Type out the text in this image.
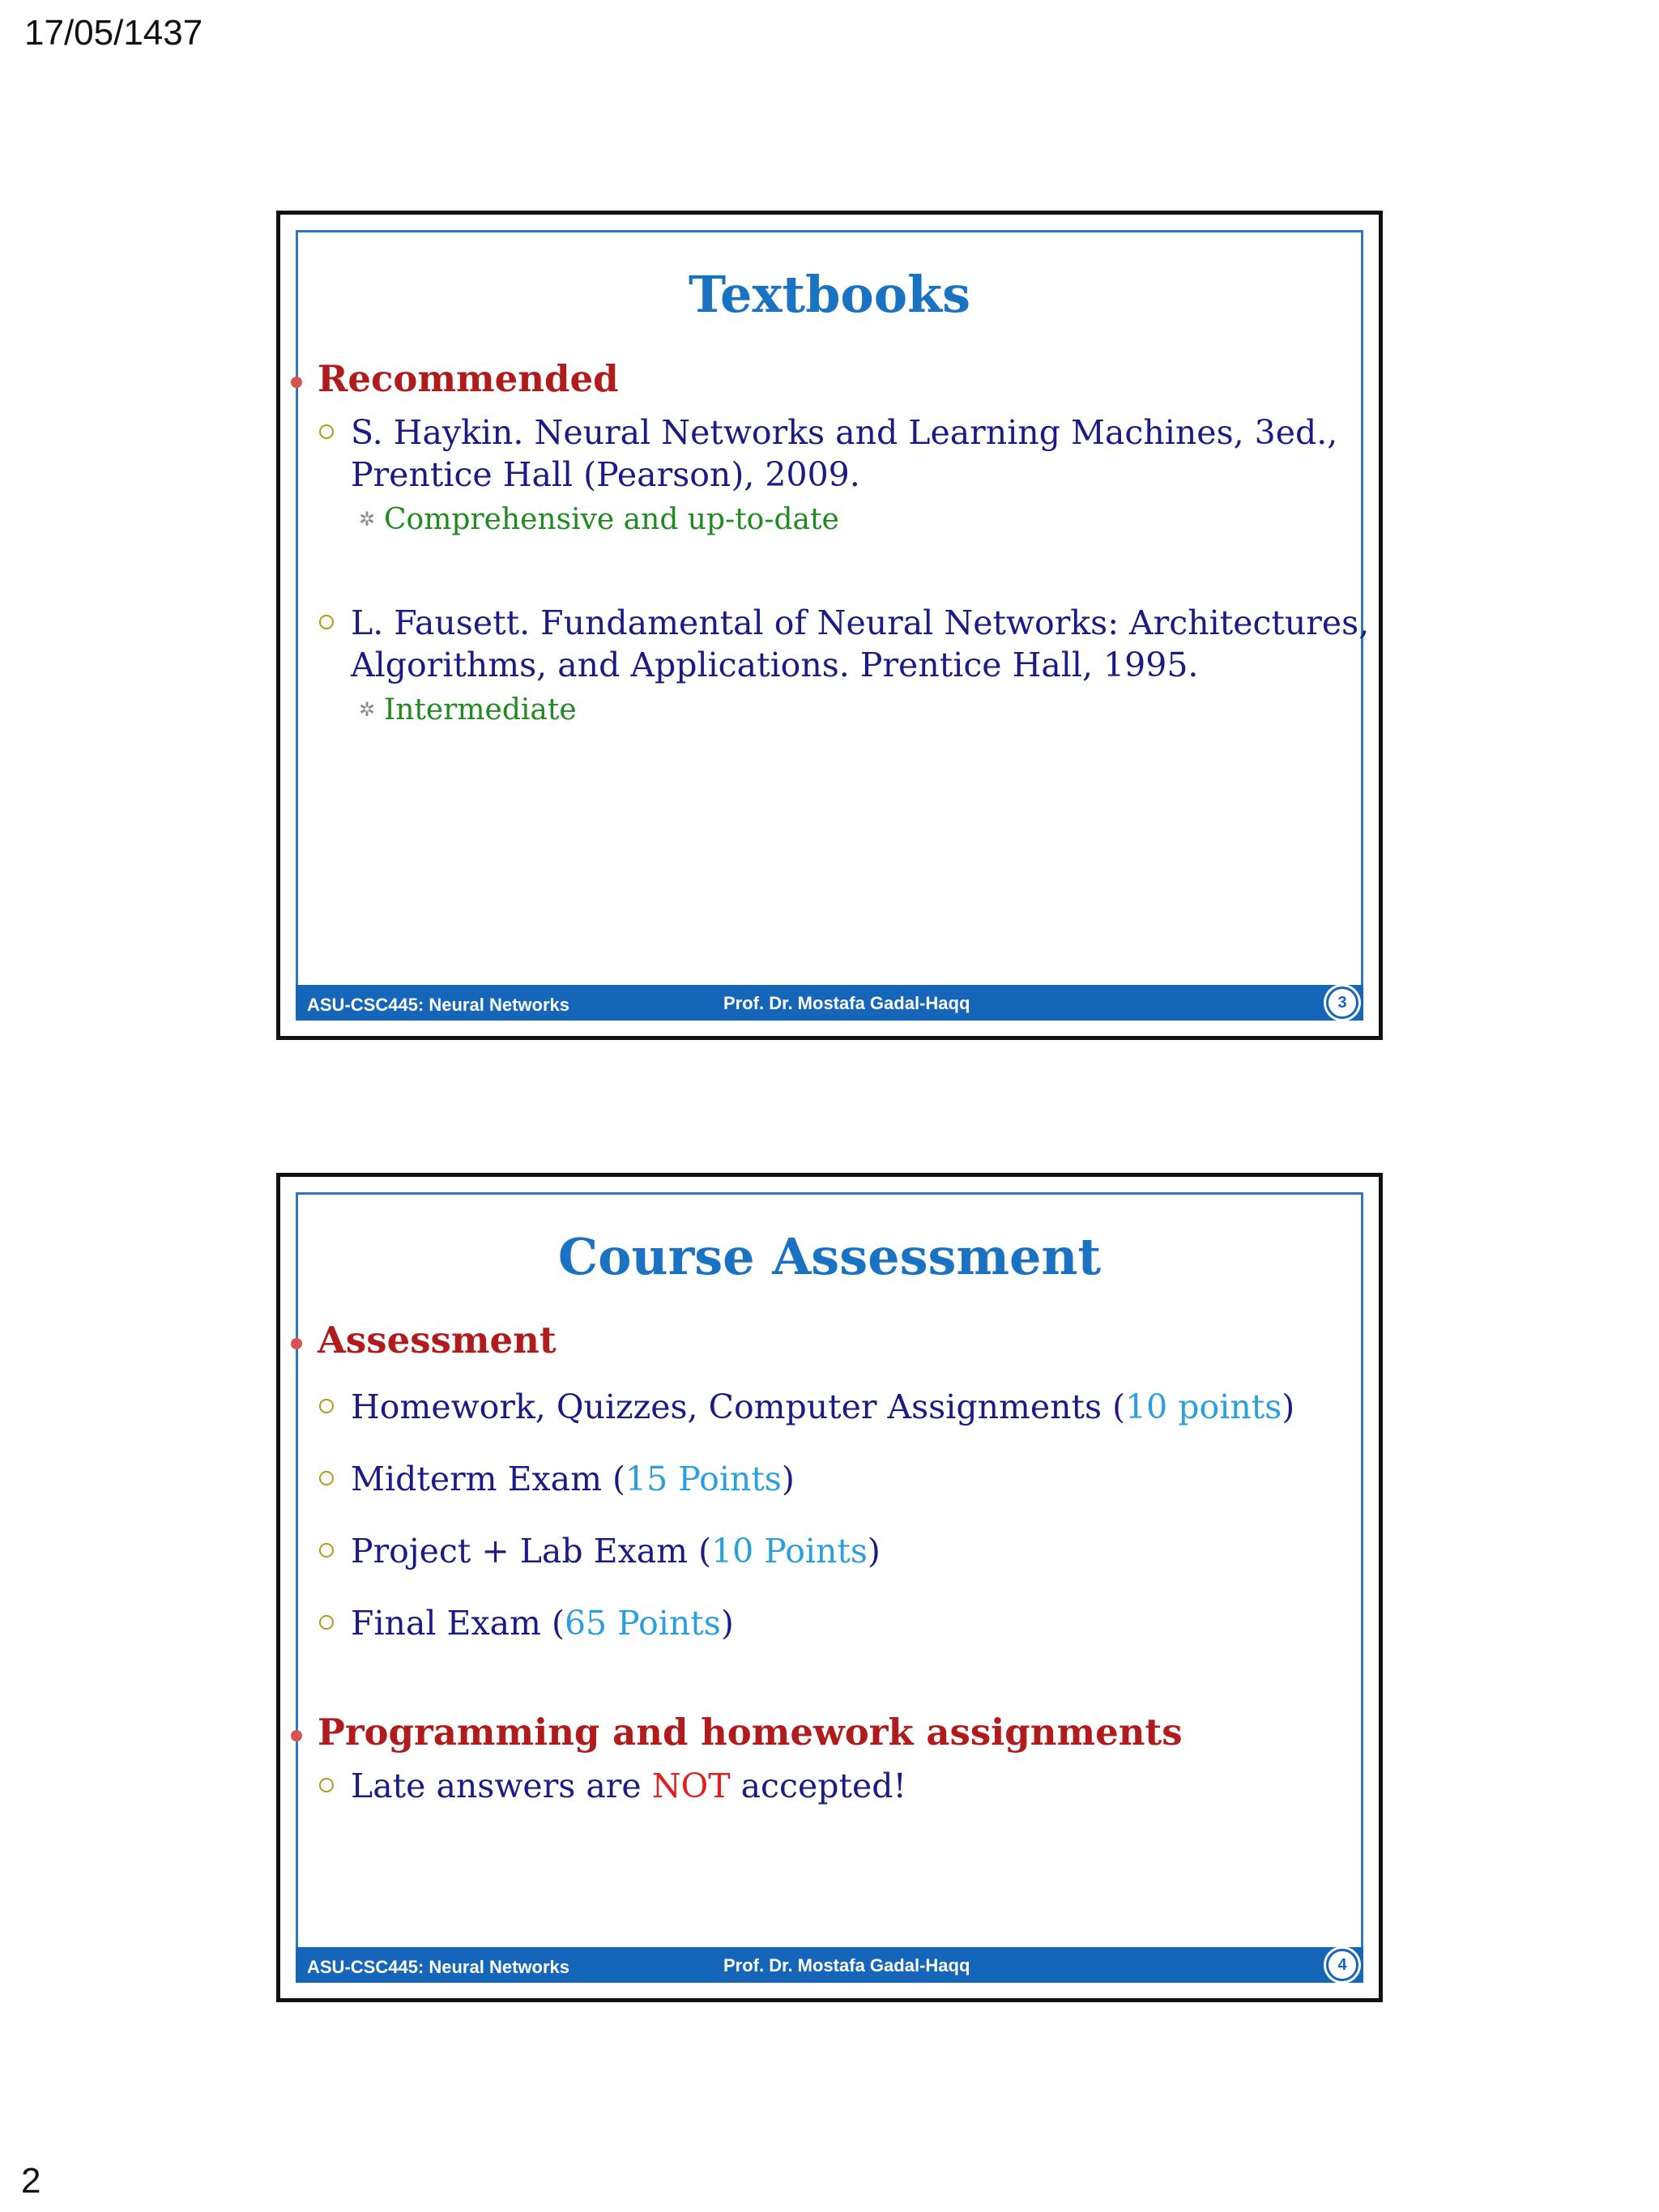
17/05/1437
Textbooks
Recommended
S. Haykin. Neural Networks and Learning Machines, 3ed.,
Prentice Hall (Pearson), 2009.
✲ Comprehensive and up-to-date
L. Fausett. Fundamental of Neural Networks: Architectures,
Algorithms, and Applications. Prentice Hall, 1995.
✲ Intermediate
ASU-CSC445: Neural Networks	Prof. Dr. Mostafa Gadal-Haqq	3
Course Assessment
Assessment
Homework, Quizzes, Computer Assignments (10 points)
Midterm Exam (15 Points)
Project + Lab Exam (10 Points)
Final Exam (65 Points)
Programming and homework assignments
Late answers are NOT accepted!
ASU-CSC445: Neural Networks	Prof. Dr. Mostafa Gadal-Haqq	4
2
